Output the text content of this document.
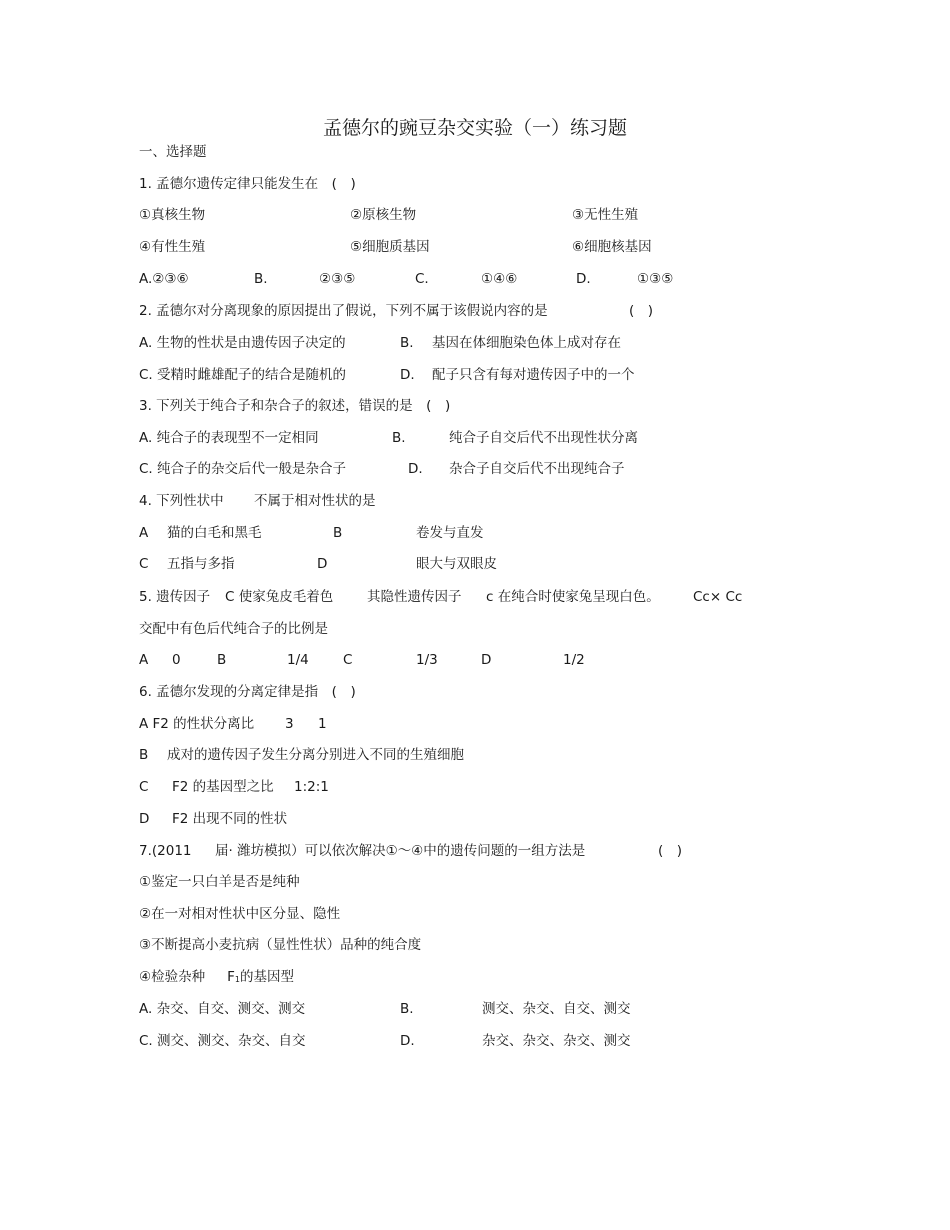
孟德尔的豌豆杂交实验（一）练习题
一、选择题
1. 孟德尔遗传定律只能发生在　(　)
①真核生物	②原核生物	③无性生殖
④有性生殖	⑤细胞质基因	⑥细胞核基因
A.②③⑥	B.	②③⑤	C.	①④⑥	D.	①③⑤
2. 孟德尔对分离现象的原因提出了假说，下列不属于该假说内容的是	(　)
A. 生物的性状是由遗传因子决定的	B. 基因在体细胞染色体上成对存在
C. 受精时雌雄配子的结合是随机的	D. 配子只含有每对遗传因子中的一个
3. 下列关于纯合子和杂合子的叙述，错误的是　(　)
A. 纯合子的表现型不一定相同	B.	纯合子自交后代不出现性状分离
C. 纯合子的杂交后代一般是杂合子	D. 杂合子自交后代不出现纯合子
4. 下列性状中 不属于相对性状的是
A 猫的白毛和黑毛	B	卷发与直发
C 五指与多指	D	眼大与双眼皮
5. 遗传因子 C 使家兔皮毛着色	其隐性遗传因子 c 在纯合时使家兔呈现白色。 Cc× Cc
交配中有色后代纯合子的比例是
A 0	B	1/4	C	1/3	D	1/2
6. 孟德尔发现的分离定律是指　(　)
A F2 的性状分离比 3 1
B 成对的遗传因子发生分离分别进入不同的生殖细胞
C F2 的基因型之比 1:2:1
D F2 出现不同的性状
7.(2011 届· 潍坊模拟）可以依次解决①～④中的遗传问题的一组方法是	(　)
①鉴定一只白羊是否是纯种
②在一对相对性状中区分显、隐性
③不断提高小麦抗病（显性性状）品种的纯合度
④检验杂种 $F_1$的基因型
A. 杂交、自交、测交、测交	B.	测交、杂交、自交、测交
C. 测交、测交、杂交、自交	D.	杂交、杂交、杂交、测交
